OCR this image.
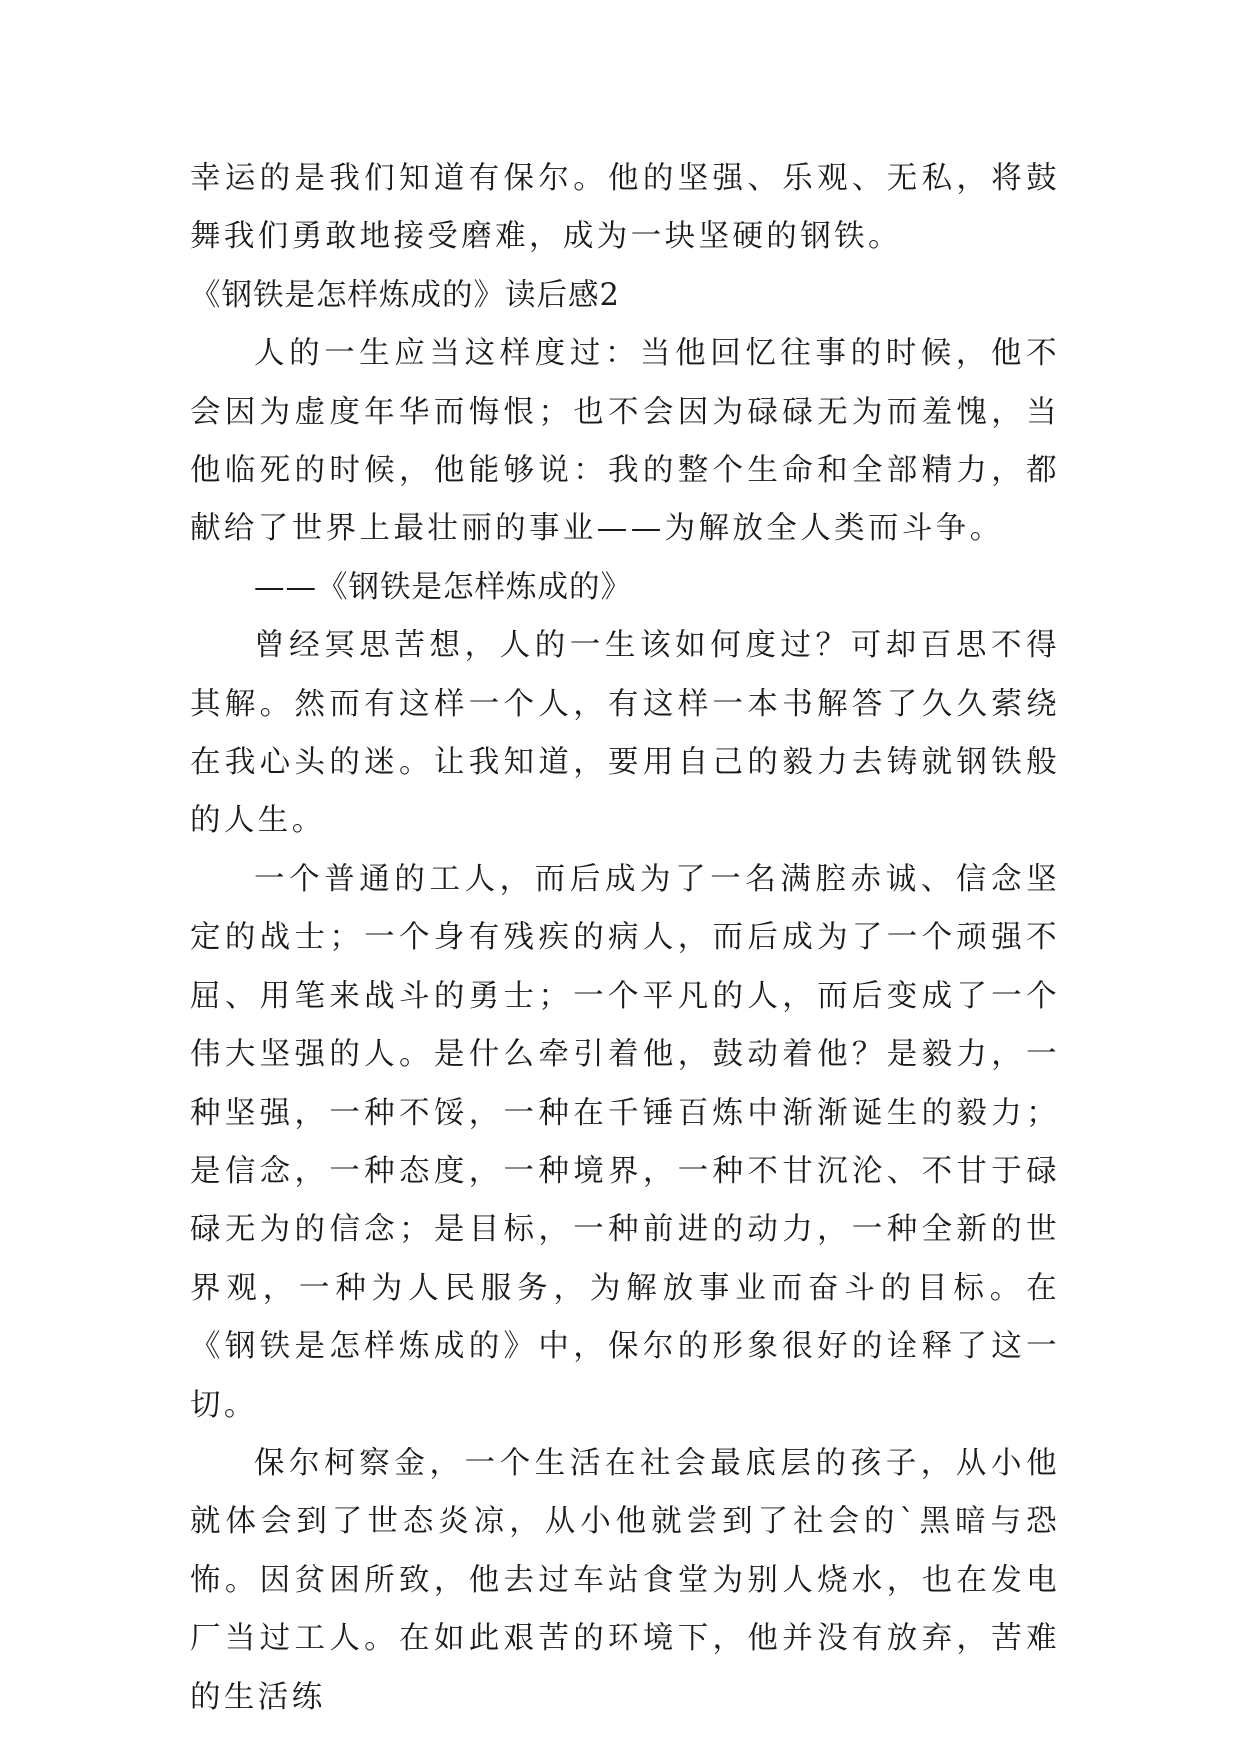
幸运的是我们知道有保尔。他的坚强、乐观、无私，将鼓舞我们勇敢地接受磨难，成为一块坚硬的钢铁。

《钢铁是怎样炼成的》读后感2

人的一生应当这样度过：当他回忆往事的时候，他不会因为虚度年华而悔恨；也不会因为碌碌无为而羞愧，当他临死的时候，他能够说：我的整个生命和全部精力，都献给了世界上最壮丽的事业——为解放全人类而斗争。

——《钢铁是怎样炼成的》

曾经冥思苦想，人的一生该如何度过？可却百思不得其解。然而有这样一个人，有这样一本书解答了久久萦绕在我心头的迷。让我知道，要用自己的毅力去铸就钢铁般的人生。

一个普通的工人，而后成为了一名满腔赤诚、信念坚定的战士；一个身有残疾的病人，而后成为了一个顽强不屈、用笔来战斗的勇士；一个平凡的人，而后变成了一个伟大坚强的人。是什么牵引着他，鼓动着他？是毅力，一种坚强，一种不馁，一种在千锤百炼中渐渐诞生的毅力；是信念，一种态度，一种境界，一种不甘沉沦、不甘于碌碌无为的信念；是目标，一种前进的动力，一种全新的世界观，一种为人民服务，为解放事业而奋斗的目标。在《钢铁是怎样炼成的》中，保尔的形象很好的诠释了这一切。

保尔柯察金，一个生活在社会最底层的孩子，从小他就体会到了世态炎凉，从小他就尝到了社会的`黑暗与恐怖。因贫困所致，他去过车站食堂为别人烧水，也在发电厂当过工人。在如此艰苦的环境下，他并没有放弃，苦难的生活练
